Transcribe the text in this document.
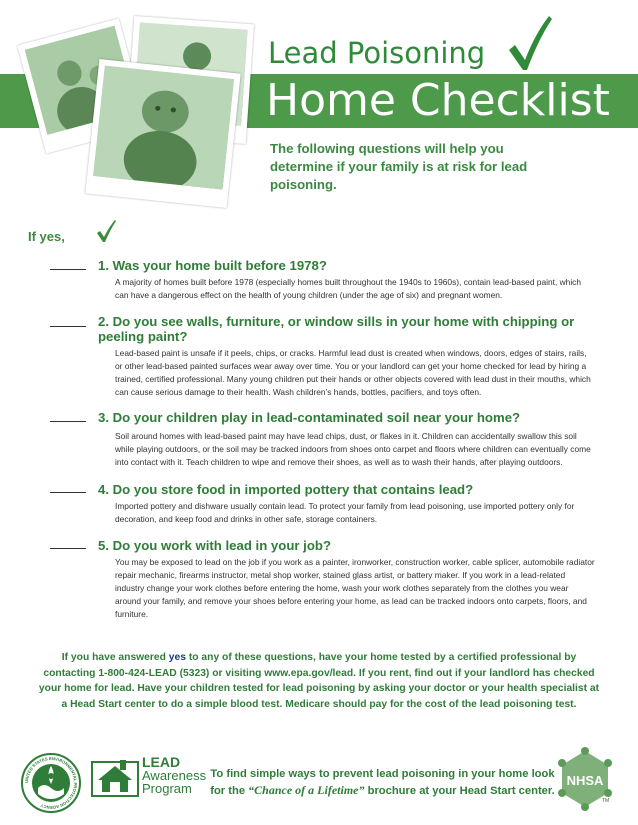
Lead Poisoning
Home Checklist
The following questions will help you determine if your family is at risk for lead poisoning.
If yes,
1. Was your home built before 1978?
A majority of homes built before 1978 (especially homes built throughout the 1940s to 1960s), contain lead-based paint, which can have a dangerous effect on the health of young children (under the age of six) and pregnant women.
2. Do you see walls, furniture, or window sills in your home with chipping or peeling paint?
Lead-based paint is unsafe if it peels, chips, or cracks. Harmful lead dust is created when windows, doors, edges of stairs, rails, or other lead-based painted surfaces wear away over time. You or your landlord can get your home checked for lead by hiring a trained, certified professional. Many young children put their hands or other objects covered with lead dust in their mouths, which can cause serious damage to their health. Wash children’s hands, bottles, pacifiers, and toys often.
3. Do your children play in lead-contaminated soil near your home?
Soil around homes with lead-based paint may have lead chips, dust, or flakes in it. Children can accidentally swallow this soil while playing outdoors, or the soil may be tracked indoors from shoes onto carpet and floors where children can eventually come into contact with it. Teach children to wipe and remove their shoes, as well as to wash their hands, after playing outdoors.
4. Do you store food in imported pottery that contains lead?
Imported pottery and dishware usually contain lead. To protect your family from lead poisoning, use imported pottery only for decoration, and keep food and drinks in other safe, storage containers.
5. Do you work with lead in your job?
You may be exposed to lead on the job if you work as a painter, ironworker, construction worker, cable splicer, automobile radiator repair mechanic, firearms instructor, metal shop worker, stained glass artist, or battery maker. If you work in a lead-related industry change your work clothes before entering the home, wash your work clothes separately from the clothes you wear around your family, and remove your shoes before entering your home, as lead can be tracked indoors onto carpets, floors, and furniture.
If you have answered yes to any of these questions, have your home tested by a certified professional by contacting 1-800-424-LEAD (5323) or visiting www.epa.gov/lead. If you rent, find out if your landlord has checked your home for lead. Have your children tested for lead poisoning by asking your doctor or your health specialist at a Head Start center to do a simple blood test. Medicare should pay for the cost of the lead poisoning test.
UNITED STATES ENVIRONMENTAL PROTECTION AGENCY
LEAD
Awareness
Program
To find simple ways to prevent lead poisoning in your home look for the “Chance of a Lifetime” brochure at your Head Start center.
NHSA
TM
